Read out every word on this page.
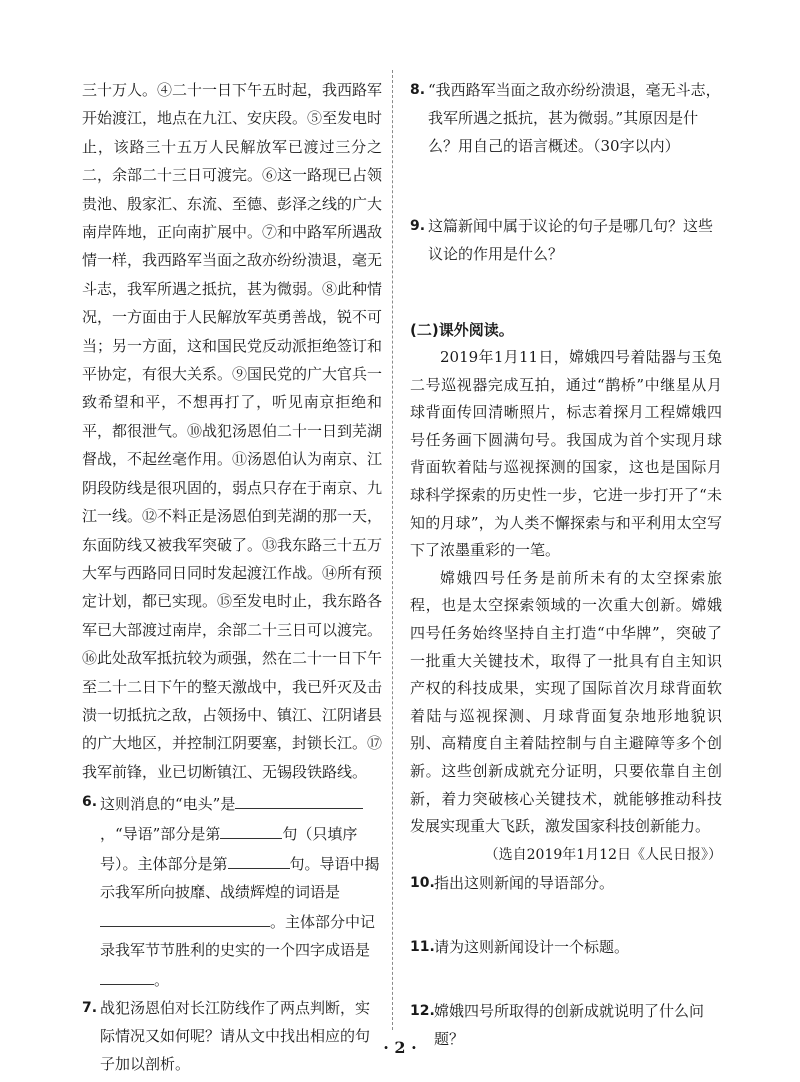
三十万人。④二十一日下午五时起，我西路军开始渡江，地点在九江、安庆段。⑤至发电时止，该路三十五万人民解放军已渡过三分之二，余部二十三日可渡完。⑥这一路现已占领贵池、殷家汇、东流、至德、彭泽之线的广大南岸阵地，正向南扩展中。⑦和中路军所遇敌情一样，我西路军当面之敌亦纷纷溃退，毫无斗志，我军所遇之抵抗，甚为微弱。⑧此种情况，一方面由于人民解放军英勇善战，锐不可当；另一方面，这和国民党反动派拒绝签订和平协定，有很大关系。⑨国民党的广大官兵一致希望和平，不想再打了，听见南京拒绝和平，都很泄气。⑩战犯汤恩伯二十一日到芜湖督战，不起丝毫作用。⑪汤恩伯认为南京、江阴段防线是很巩固的，弱点只存在于南京、九江一线。⑫不料正是汤恩伯到芜湖的那一天，东面防线又被我军突破了。⑬我东路三十五万大军与西路同日同时发起渡江作战。⑭所有预定计划，都已实现。⑮至发电时止，我东路各军已大部渡过南岸，余部二十三日可以渡完。⑯此处敌军抵抗较为顽强，然在二十一日下午至二十二日下午的整天激战中，我已歼灭及击溃一切抵抗之敌，占领扬中、镇江、江阴诸县的广大地区，并控制江阴要塞，封锁长江。⑰我军前锋，业已切断镇江、无锡段铁路线。

6. 这则消息的“电头”是，“导语”部分是第	句（只填序号）。主体部分是第	句。导语中揭示我军所向披靡、战绩辉煌的词语是。主体部分中记录我军节节胜利的史实的一个四字成语是。
7. 战犯汤恩伯对长江防线作了两点判断，实际情况又如何呢？请从文中找出相应的句子加以剖析。
8. “我西路军当面之敌亦纷纷溃退，毫无斗志，我军所遇之抵抗，甚为微弱。”其原因是什么？用自己的语言概述。（30字以内）
9. 这篇新闻中属于议论的句子是哪几句？这些议论的作用是什么？

(二)课外阅读。

2019年1月11日，嫦娥四号着陆器与玉兔二号巡视器完成互拍，通过“鹊桥”中继星从月球背面传回清晰照片，标志着探月工程嫦娥四号任务画下圆满句号。我国成为首个实现月球背面软着陆与巡视探测的国家，这也是国际月球科学探索的历史性一步，它进一步打开了“未知的月球”，为人类不懈探索与和平利用太空写下了浓墨重彩的一笔。

嫦娥四号任务是前所未有的太空探索旅程，也是太空探索领域的一次重大创新。嫦娥四号任务始终坚持自主打造“中华牌”，突破了一批重大关键技术，取得了一批具有自主知识产权的科技成果，实现了国际首次月球背面软着陆与巡视探测、月球背面复杂地形地貌识别、高精度自主着陆控制与自主避障等多个创新。这些创新成就充分证明，只要依靠自主创新，着力突破核心关键技术，就能够推动科技发展实现重大飞跃，激发国家科技创新能力。

（选自2019年1月12日《人民日报》）

10. 指出这则新闻的导语部分。
11. 请为这则新闻设计一个标题。
12. 嫦娥四号所取得的创新成就说明了什么问题？
· 2 ·
